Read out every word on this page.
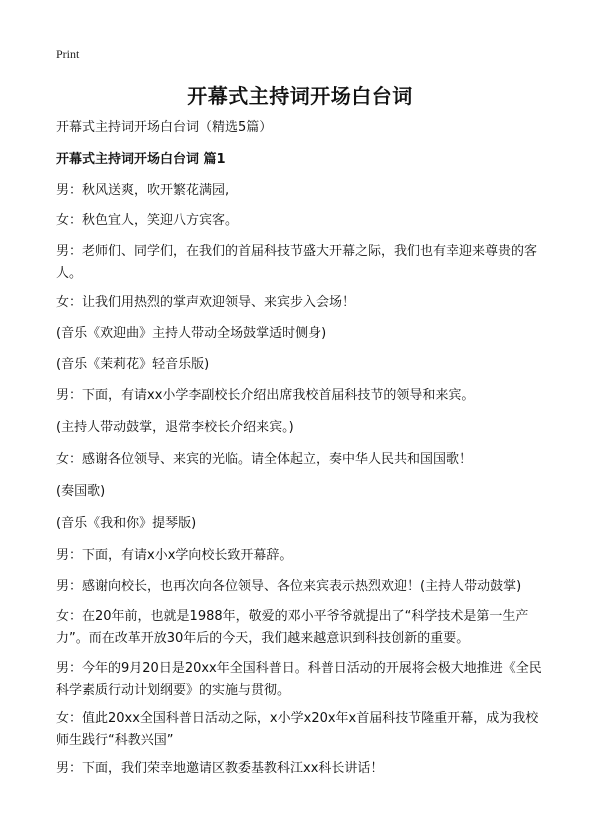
Print
开幕式主持词开场白台词
开幕式主持词开场白台词（精选5篇）
开幕式主持词开场白台词 篇1
男：秋风送爽，吹开繁花满园,
女：秋色宜人，笑迎八方宾客。
男：老师们、同学们，在我们的首届科技节盛大开幕之际，我们也有幸迎来尊贵的客人。
女：让我们用热烈的掌声欢迎领导、来宾步入会场！
(音乐《欢迎曲》主持人带动全场鼓掌适时侧身)
(音乐《茉莉花》轻音乐版)
男：下面，有请xx小学李副校长介绍出席我校首届科技节的领导和来宾。
(主持人带动鼓掌，退常李校长介绍来宾。)
女：感谢各位领导、来宾的光临。请全体起立，奏中华人民共和国国歌！
(奏国歌)
(音乐《我和你》提琴版)
男：下面，有请x小x学向校长致开幕辞。
男：感谢向校长，也再次向各位领导、各位来宾表示热烈欢迎！(主持人带动鼓掌)
女：在20年前，也就是1988年，敬爱的邓小平爷爷就提出了“科学技术是第一生产力”。而在改革开放30年后的今天，我们越来越意识到科技创新的重要。
男：今年的9月20日是20xx年全国科普日。科普日活动的开展将会极大地推进《全民科学素质行动计划纲要》的实施与贯彻。
女：值此20xx全国科普日活动之际，x小学x20x年x首届科技节隆重开幕，成为我校师生践行“科教兴国”
男：下面，我们荣幸地邀请区教委基教科江xx科长讲话！
